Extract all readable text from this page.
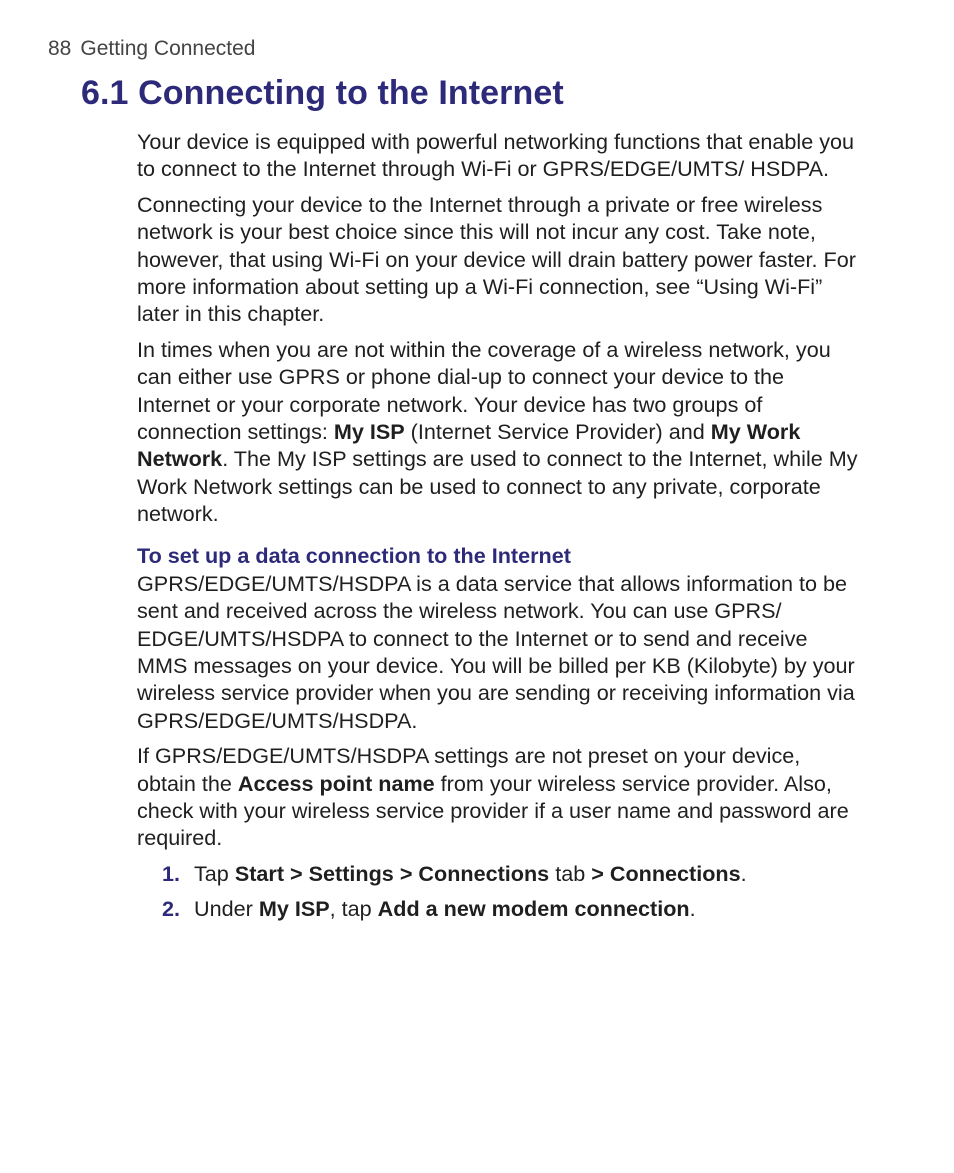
88 Getting Connected
6.1 Connecting to the Internet

Your device is equipped with powerful networking functions that enable you to connect to the Internet through Wi-Fi or GPRS/EDGE/UMTS/ HSDPA.

Connecting your device to the Internet through a private or free wireless network is your best choice since this will not incur any cost. Take note, however, that using Wi-Fi on your device will drain battery power faster. For more information about setting up a Wi-Fi connection, see “Using Wi-Fi” later in this chapter.

In times when you are not within the coverage of a wireless network, you can either use GPRS or phone dial-up to connect your device to the Internet or your corporate network. Your device has two groups of connection settings: My ISP (Internet Service Provider) and My Work Network. The My ISP settings are used to connect to the Internet, while My Work Network settings can be used to connect to any private, corporate network.

To set up a data connection to the Internet

GPRS/EDGE/UMTS/HSDPA is a data service that allows information to be sent and received across the wireless network. You can use GPRS/ EDGE/UMTS/HSDPA to connect to the Internet or to send and receive MMS messages on your device. You will be billed per KB (Kilobyte) by your wireless service provider when you are sending or receiving information via GPRS/EDGE/UMTS/HSDPA.

If GPRS/EDGE/UMTS/HSDPA settings are not preset on your device, obtain the Access point name from your wireless service provider. Also, check with your wireless service provider if a user name and password are required.

1. Tap Start > Settings > Connections tab > Connections.
2. Under My ISP, tap Add a new modem connection.
